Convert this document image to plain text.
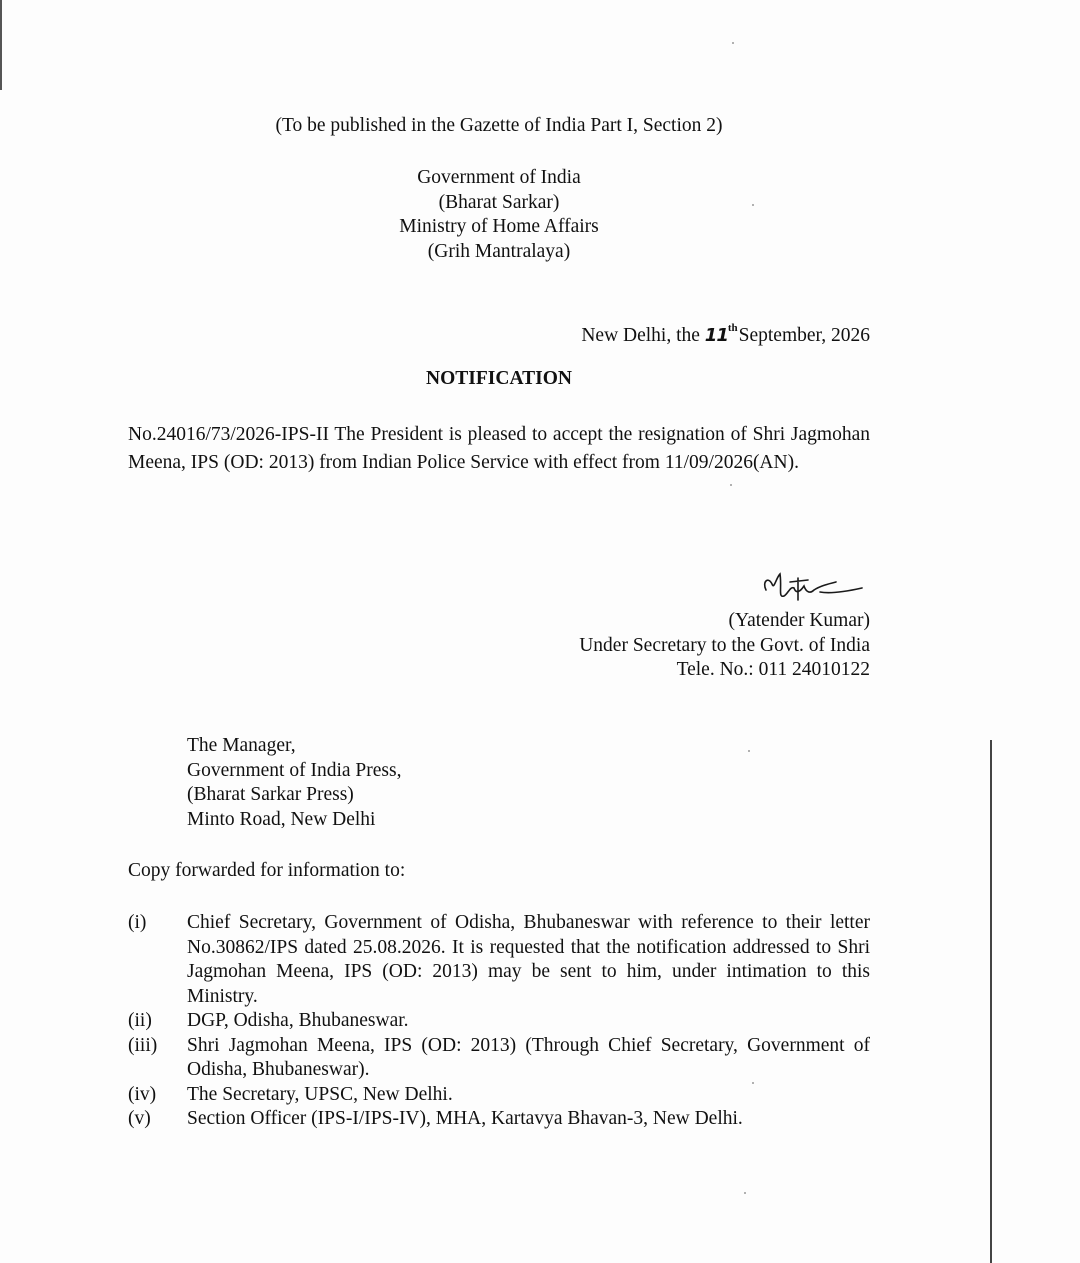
(To be published in the Gazette of India Part I, Section 2)
Government of India
(Bharat Sarkar)
Ministry of Home Affairs
(Grih Mantralaya)
New Delhi, the 11thSeptember, 2026
NOTIFICATION
No.24016/73/2026-IPS-II The President is pleased to accept the resignation of Shri Jagmohan Meena, IPS (OD: 2013) from Indian Police Service with effect from 11/09/2026(AN).
(Yatender Kumar)
Under Secretary to the Govt. of India
Tele. No.: 011 24010122
The Manager,
Government of India Press,
(Bharat Sarkar Press)
Minto Road, New Delhi
Copy forwarded for information to:
(i)	Chief Secretary, Government of Odisha, Bhubaneswar with reference to their letter No.30862/IPS dated 25.08.2026. It is requested that the notification addressed to Shri Jagmohan Meena, IPS (OD: 2013) may be sent to him, under intimation to this Ministry.
(ii)	DGP, Odisha, Bhubaneswar.
(iii)	Shri Jagmohan Meena, IPS (OD: 2013) (Through Chief Secretary, Government of Odisha, Bhubaneswar).
(iv)	The Secretary, UPSC, New Delhi.
(v)	Section Officer (IPS-I/IPS-IV), MHA, Kartavya Bhavan-3, New Delhi.
